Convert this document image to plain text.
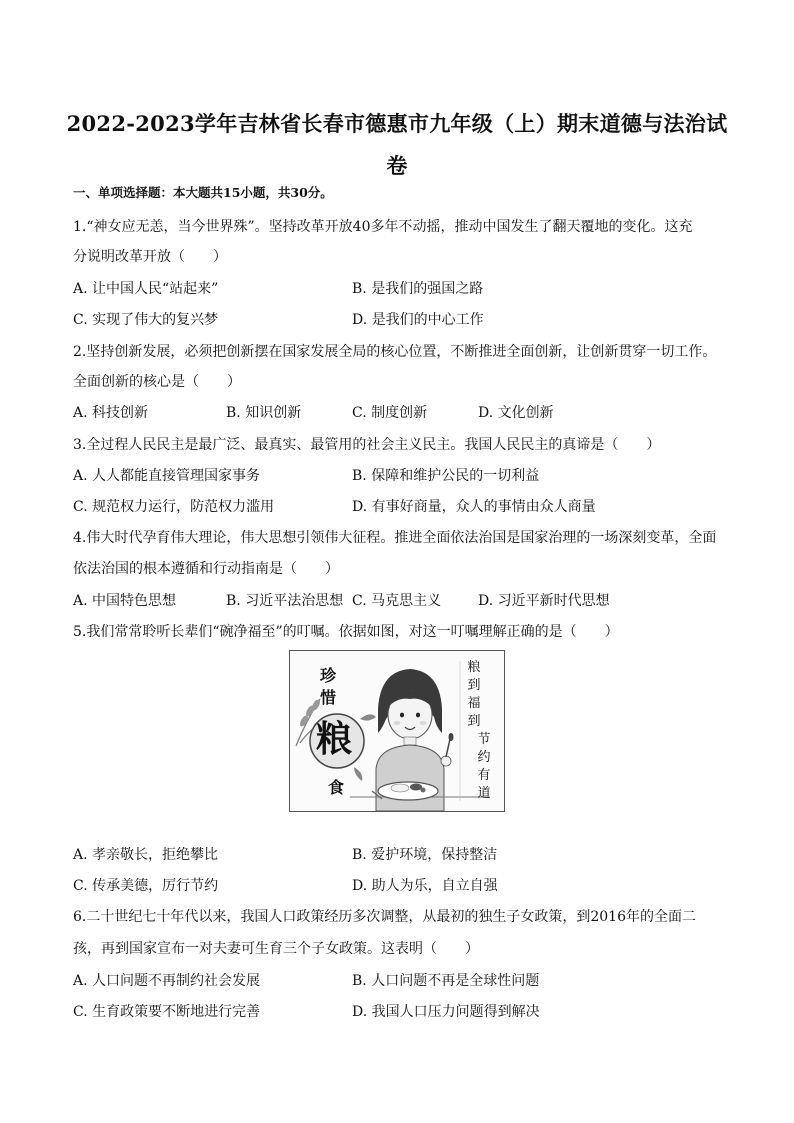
2022-2023学年吉林省长春市德惠市九年级（上）期末道德与法治试
卷
一、单项选择题：本大题共15小题，共30分。
1.“神女应无恙，当今世界殊”。坚持改革开放40多年不动摇，推动中国发生了翻天覆地的变化。这充
分说明改革开放（　　）
A. 让中国人民“站起来”	B. 是我们的强国之路
C. 实现了伟大的复兴梦	D. 是我们的中心工作
2.坚持创新发展，必须把创新摆在国家发展全局的核心位置，不断推进全面创新，让创新贯穿一切工作。
全面创新的核心是（　　）
A. 科技创新	B. 知识创新	C. 制度创新	D. 文化创新
3.全过程人民民主是最广泛、最真实、最管用的社会主义民主。我国人民民主的真谛是（　　）
A. 人人都能直接管理国家事务	B. 保障和维护公民的一切利益
C. 规范权力运行，防范权力滥用	D. 有事好商量，众人的事情由众人商量
4.伟大时代孕育伟大理论，伟大思想引领伟大征程。推进全面依法治国是国家治理的一场深刻变革，全面
依法治国的根本遵循和行动指南是（　　）
A. 中国特色思想	B. 习近平法治思想 C. 马克思主义	D. 习近平新时代思想
5.我们常常聆听长辈们“碗净福至”的叮嘱。依据如图，对这一叮嘱理解正确的是（　　）
珍
惜
粮
食
粮
到
福
到
节
约
有
道
A. 孝亲敬长，拒绝攀比	B. 爱护环境，保持整洁
C. 传承美德，厉行节约	D. 助人为乐，自立自强
6.二十世纪七十年代以来，我国人口政策经历多次调整，从最初的独生子女政策，到2016年的全面二
孩，再到国家宣布一对夫妻可生育三个子女政策。这表明（　　）
A. 人口问题不再制约社会发展	B. 人口问题不再是全球性问题
C. 生育政策要不断地进行完善	D. 我国人口压力问题得到解决
